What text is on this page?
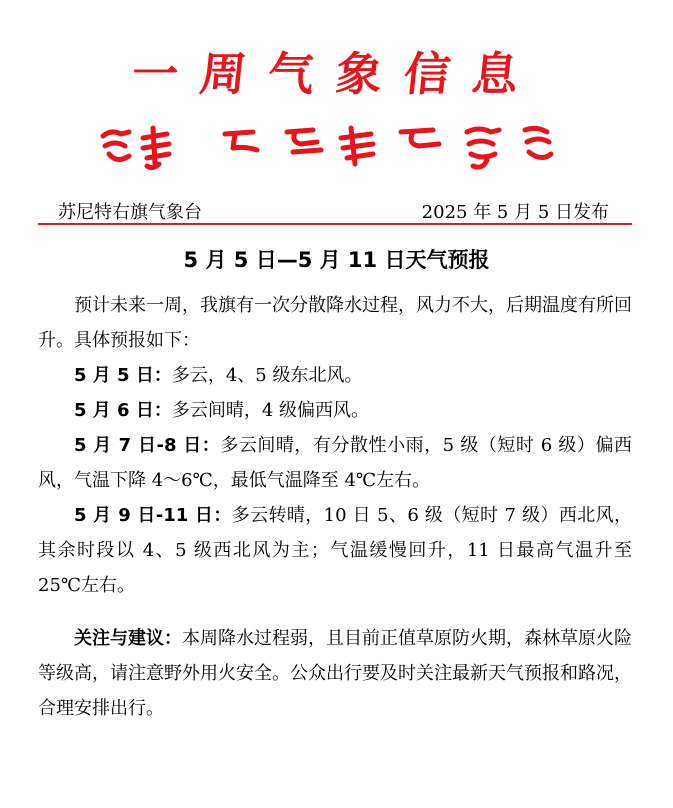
一周气象信息
苏尼特右旗气象台	2025 年 5 月 5 日发布
5 月 5 日—5 月 11 日天气预报

预计未来一周，我旗有一次分散降水过程，风力不大，后期温度有所回升。具体预报如下：

5 月 5 日：多云，4、5 级东北风。

5 月 6 日：多云间晴，4 级偏西风。

5 月 7 日-8 日：多云间晴，有分散性小雨，5 级（短时 6 级）偏西风，气温下降 4～6℃，最低气温降至 4℃左右。

5 月 9 日-11 日：多云转晴，10 日 5、6 级（短时 7 级）西北风，其余时段以 4、5 级西北风为主；气温缓慢回升，11 日最高气温升至 25℃左右。

关注与建议：本周降水过程弱，且目前正值草原防火期，森林草原火险等级高，请注意野外用火安全。公众出行要及时关注最新天气预报和路况，合理安排出行。
